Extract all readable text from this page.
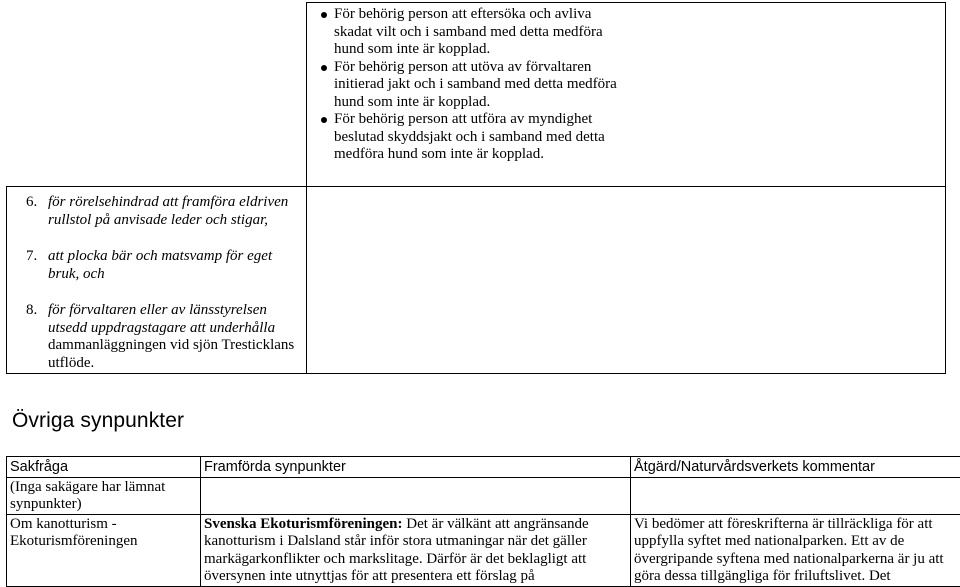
För behörig person att eftersöka och avliva skadat vilt och i samband med detta medföra hund som inte är kopplad.
För behörig person att utöva av förvaltaren initierad jakt och i samband med detta medföra hund som inte är kopplad.
För behörig person att utföra av myndighet beslutad skyddsjakt och i samband med detta medföra hund som inte är kopplad.
6. för rörelsehindrad att framföra eldriven rullstol på anvisade leder och stigar,
7. att plocka bär och matsvamp för eget bruk, och
8. för förvaltaren eller av länsstyrelsen utsedd uppdragstagare att underhålla dammanläggningen vid sjön Tresticklans utflöde.
Övriga synpunkter
Sakfråga	Framförda synpunkter	Åtgärd/Naturvårdsverkets kommentar
(Inga sakägare har lämnat synpunkter)		
Om kanotturism - Ekoturismföreningen	Svenska Ekoturismföreningen: Det är välkänt att angränsande kanotturism i Dalsland står inför stora utmaningar när det gäller markägarkonflikter och markslitage. Därför är det beklagligt att översynen inte utnyttjas för att presentera ett förslag på	Vi bedömer att föreskrifterna är tillräckliga för att uppfylla syftet med nationalparken. Ett av de övergripande syftena med nationalparkerna är ju att göra dessa tillgängliga för friluftslivet. Det
